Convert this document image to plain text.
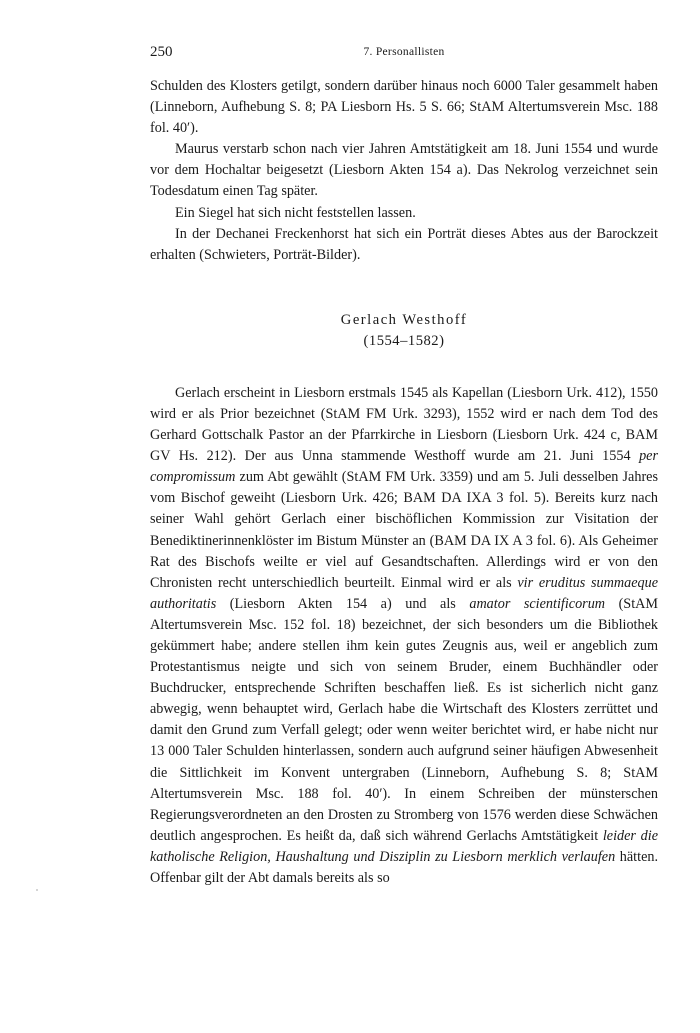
250	7. Personallisten

Schulden des Klosters getilgt, sondern darüber hinaus noch 6000 Taler gesammelt haben (Linneborn, Aufhebung S. 8; PA Liesborn Hs. 5 S. 66; StAM Altertumsverein Msc. 188 fol. 40′).

Maurus verstarb schon nach vier Jahren Amtstätigkeit am 18. Juni 1554 und wurde vor dem Hochaltar beigesetzt (Liesborn Akten 154 a). Das Nekrolog verzeichnet sein Todesdatum einen Tag später.

Ein Siegel hat sich nicht feststellen lassen.

In der Dechanei Freckenhorst hat sich ein Porträt dieses Abtes aus der Barockzeit erhalten (Schwieters, Porträt-Bilder).

Gerlach Westhoff
(1554–1582)

Gerlach erscheint in Liesborn erstmals 1545 als Kapellan (Liesborn Urk. 412), 1550 wird er als Prior bezeichnet (StAM FM Urk. 3293), 1552 wird er nach dem Tod des Gerhard Gottschalk Pastor an der Pfarrkirche in Liesborn (Liesborn Urk. 424 c, BAM GV Hs. 212). Der aus Unna stammende Westhoff wurde am 21. Juni 1554 per compromissum zum Abt gewählt (StAM FM Urk. 3359) und am 5. Juli desselben Jahres vom Bischof geweiht (Liesborn Urk. 426; BAM DA IXA 3 fol. 5). Bereits kurz nach seiner Wahl gehört Gerlach einer bischöflichen Kommission zur Visitation der Benediktinerinnenklöster im Bistum Münster an (BAM DA IX A 3 fol. 6). Als Geheimer Rat des Bischofs weilte er viel auf Gesandtschaften. Allerdings wird er von den Chronisten recht unterschiedlich beurteilt. Einmal wird er als vir eruditus summaeque authoritatis (Liesborn Akten 154 a) und als amator scientificorum (StAM Altertumsverein Msc. 152 fol. 18) bezeichnet, der sich besonders um die Bibliothek gekümmert habe; andere stellen ihm kein gutes Zeugnis aus, weil er angeblich zum Protestantismus neigte und sich von seinem Bruder, einem Buchhändler oder Buchdrucker, entsprechende Schriften beschaffen ließ. Es ist sicherlich nicht ganz abwegig, wenn behauptet wird, Gerlach habe die Wirtschaft des Klosters zerrüttet und damit den Grund zum Verfall gelegt; oder wenn weiter berichtet wird, er habe nicht nur 13 000 Taler Schulden hinterlassen, sondern auch aufgrund seiner häufigen Abwesenheit die Sittlichkeit im Konvent untergraben (Linneborn, Aufhebung S. 8; StAM Altertumsverein Msc. 188 fol. 40′). In einem Schreiben der münsterschen Regierungsverordneten an den Drosten zu Stromberg von 1576 werden diese Schwächen deutlich angesprochen. Es heißt da, daß sich während Gerlachs Amtstätigkeit leider die katholische Religion, Haushaltung und Disziplin zu Liesborn merklich verlaufen hätten. Offenbar gilt der Abt damals bereits als so
